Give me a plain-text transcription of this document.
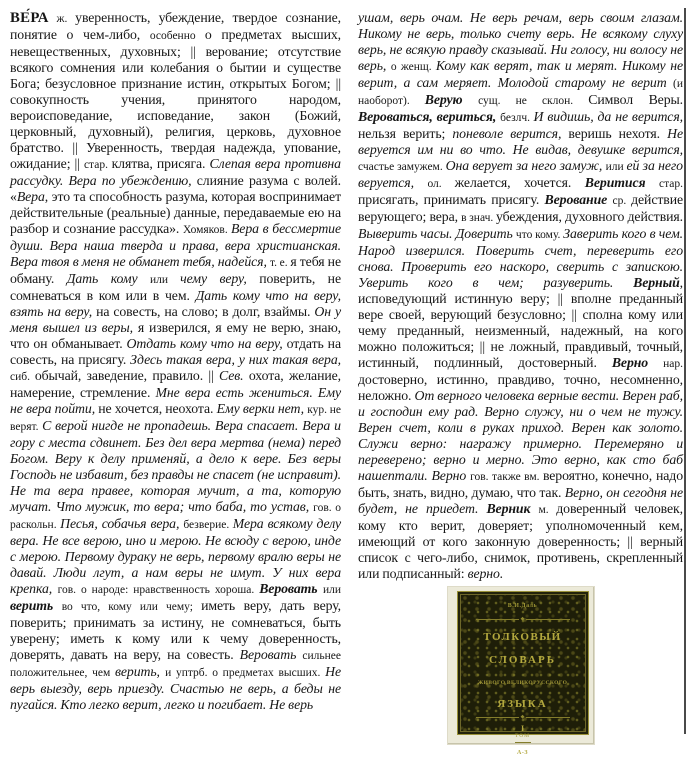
ВЕ́РА ж. уверенность, убеждение, твердое сознание, понятие о чем-либо, особенно о предметах высших, невещественных, духовных; || верование; отсутствие всякого сомнения или колебания о бытии и существе Бога; безусловное признание истин, открытых Богом; || совокупность учения, принятого народом, вероисповедание, исповедание, закон (Божий, церковный, духовный), религия, церковь, духовное братство. || Уверенность, твердая надежда, упование, ожидание; || стар. клятва, присяга. Слепая вера противна рассудку. Вера по убеждению, слияние разума с волей. «Вера, это та способность разума, которая воспринимает действительные (реальные) данные, передаваемые ею на разбор и сознание рассудка». Хомяков. Вера в бессмертие души. Вера наша тверда и права, вера христианская. Вера твоя в меня не обманет тебя, надейся, т. е. я тебя не обману. Дать кому или чему веру, поверить, не сомневаться в ком или в чем. Дать кому что на веру, взять на веру, на совесть, на слово; в долг, взаймы. Он у меня вышел из веры, я изверился, я ему не верю, знаю, что он обманывает. Отдать кому что на веру, отдать на совесть, на присягу. Здесь такая вера, у них такая вера, сиб. обычай, заведение, правило. || Сев. охота, желание, намерение, стремление. Мне вера есть жениться. Ему не вера пойти, не хочется, неохота. Ему верки нет, кур. не верят. С верой нигде не пропадешь. Вера спасает. Вера и гору с места сдвинет. Без дел вера мертва (нема) перед Богом. Веру к делу применяй, а дело к вере. Без веры Господь не избавит, без правды не спасет (не исправит). Не та вера правее, которая мучит, а та, которую мучат. Что мужик, то вера; что баба, то устав, гов. о раскольн. Песья, собачья вера, безверие. Мера всякому делу вера. Не все верою, ино и мерою. Не всюду с верою, инде с мерою. Первому дураку не верь, первому вралю веры не давай. Люди лгут, а нам веры не имут. У них вера крепка, гов. о народе: нравственность хороша. Веровать или верить во что, кому или чему; иметь веру, дать веру, поверить; принимать за истину, не сомневаться, быть уверену; иметь к кому или к чему доверенность, доверять, давать на веру, на совесть. Веровать сильнее положительнее, чем верить, и уптрб. о предметах высших. Не верь выезду, верь приезду. Счастью не верь, а беды не пугайся. Кто легко верит, легко и погибает. Не верь
ушам, верь очам. Не верь речам, верь своим глазам. Никому не верь, только счету верь. Не всякому слуху верь, не всякую правду сказывай. Ни голосу, ни волосу не верь, о женщ. Кому как верят, так и мерят. Никому не верит, а сам меряет. Молодой старому не верит (и наоборот). Верую сущ. не склон. Символ Веры. Вероваться, вериться, безлч. И видишь, да не верится, нельзя верить; поневоле верится, веришь нехотя. Не веруется им ни во что. Не видав, девушке верится, счастье замужем. Она верует за него замуж, или ей за него веруется, ол. желается, хочется. Веритися стар. присягать, принимать присягу. Верование ср. действие верующего; вера, в знач. убеждения, духовного действия. Выверить часы. Доверить что кому. Заверить кого в чем. Народ изверился. Поверить счет, переверить его снова. Проверить его наскоро, сверить с запискою. Уверить кого в чем; разуверить. Верный, исповедующий истинную веру; || вполне преданный вере своей, верующий безусловно; || сполна кому или чему преданный, неизменный, надежный, на кого можно положиться; || не ложный, правдивый, точный, истинный, подлинный, достоверный. Верно нар. достоверно, истинно, правдиво, точно, несомненно, неложно. От верного человека верные вести. Верен раб, и господин ему рад. Верно служу, ни о чем не тужу. Верен счет, коли в руках приход. Верен как золото. Служи верно: награжу примерно. Перемеряно и переверено; верно и мерно. Это верно, как сто баб нашептали. Верно гов. также вм. вероятно, конечно, надо быть, знать, видно, думаю, что так. Верно, он сегодня не будет, не приедет. Верник м. доверенный человек, кому кто верит, доверяет; уполномоченный кем, имеющий от кого законную доверенность; || верный список с чего-либо, снимок, противень, скрепленный или подписанный: верно.
В.И.Даль
◆
ТОЛКОВЫЙ
СЛОВАРЬ
ЖИВОГО ВЕЛИКОРУССКОГО
ЯЗЫКА
◆
I
ТОМ
А-З
